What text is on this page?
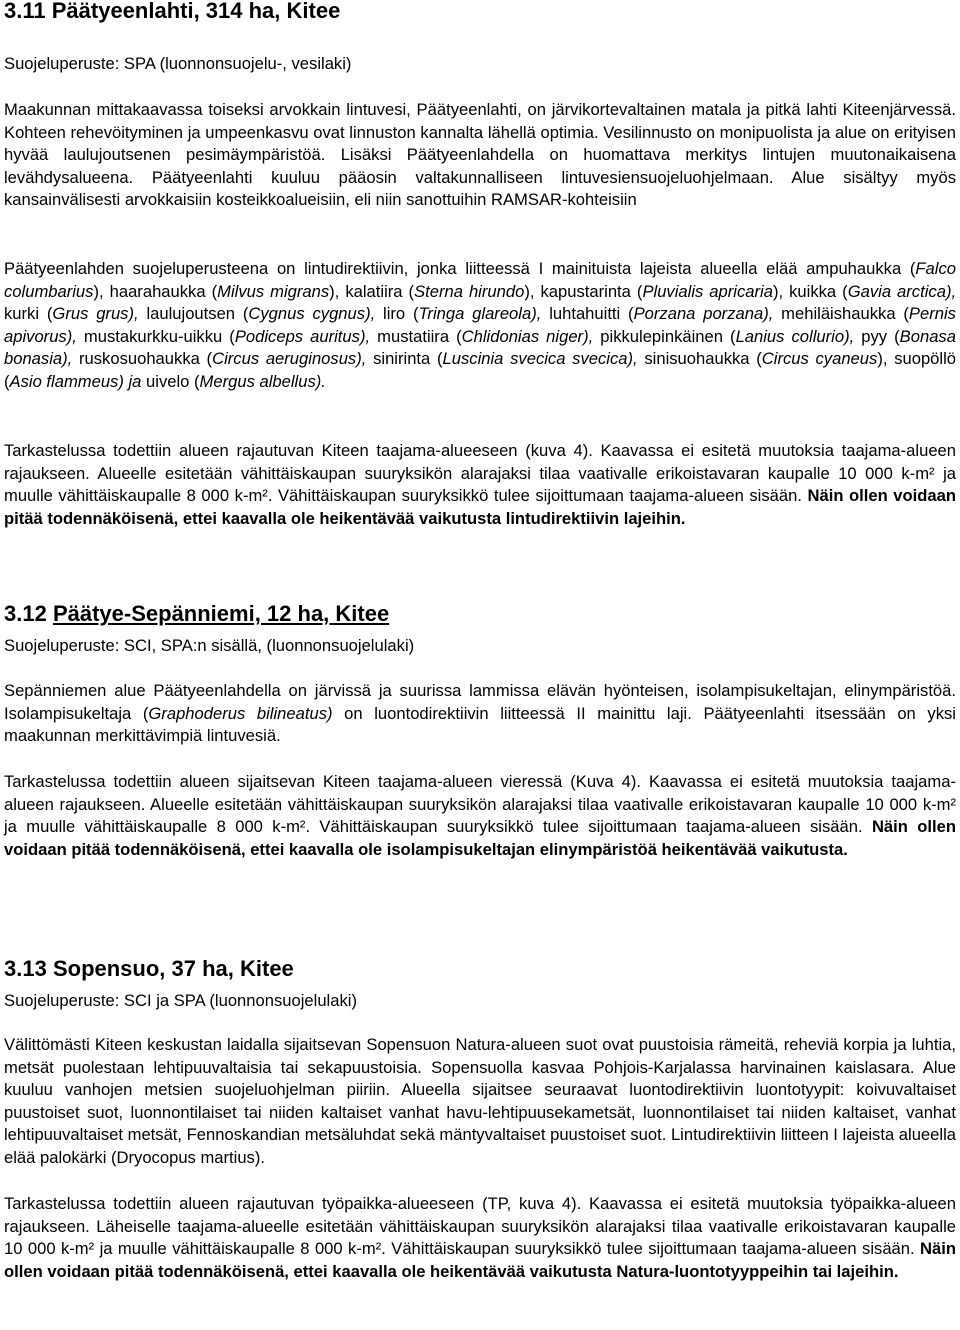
3.11 Päätyeenlahti, 314 ha, Kitee

Suojeluperuste: SPA (luonnonsuojelu-, vesilaki)

Maakunnan mittakaavassa toiseksi arvokkain lintuvesi, Päätyeenlahti, on järvikortevaltainen matala ja pitkä lahti Kiteenjärvessä. Kohteen rehevöityminen ja umpeenkasvu ovat linnuston kannalta lähellä optimia. Vesilinnusto on monipuolista ja alue on erityisen hyvää laulujoutsenen pesimäympäristöä. Lisäksi Päätyeenlahdella on huomattava merkitys lintujen muutonaikaisena levähdysalueena. Päätyeenlahti kuuluu pääosin valtakunnalliseen lintuvesiensuojeluohjelmaan. Alue sisältyy myös kansainvälisesti arvokkaisiin kosteikkoalueisiin, eli niin sanottuihin RAMSAR-kohteisiin

Päätyeenlahden suojeluperusteena on lintudirektiivin, jonka liitteessä I mainituista lajeista alueella elää ampuhaukka (Falco columbarius), haarahaukka (Milvus migrans), kalatiira (Sterna hirundo), kapustarinta (Pluvialis apricaria), kuikka (Gavia arctica), kurki (Grus grus), laulujoutsen (Cygnus cygnus), liro (Tringa glareola), luhtahuitti (Porzana porzana), mehiläishaukka (Pernis apivorus), mustakurkku-uikku (Podiceps auritus), mustatiira (Chlidonias niger), pikkulepinkäinen (Lanius collurio), pyy (Bonasa bonasia), ruskosuohaukka (Circus aeruginosus), sinirinta (Luscinia svecica svecica), sinisuohaukka (Circus cyaneus), suopöllö (Asio flammeus) ja uivelo (Mergus albellus).

Tarkastelussa todettiin alueen rajautuvan Kiteen taajama-alueeseen (kuva 4). Kaavassa ei esitetä muutoksia taajama-alueen rajaukseen. Alueelle esitetään vähittäiskaupan suuryksikön alarajaksi tilaa vaativalle erikoistavaran kaupalle 10 000 k-m² ja muulle vähittäiskaupalle 8 000 k-m². Vähittäiskaupan suuryksikkö tulee sijoittumaan taajama-alueen sisään. Näin ollen voidaan pitää todennäköisenä, ettei kaavalla ole heikentävää vaikutusta lintudirektiivin lajeihin.

3.12 Päätye-Sepänniemi, 12 ha, Kitee

Suojeluperuste: SCI, SPA:n sisällä, (luonnonsuojelulaki)

Sepänniemen alue Päätyeenlahdella on järvissä ja suurissa lammissa elävän hyönteisen, isolampisukeltajan, elinympäristöä. Isolampisukeltaja (Graphoderus bilineatus) on luontodirektiivin liitteessä II mainittu laji. Päätyeenlahti itsessään on yksi maakunnan merkittävimpiä lintuvesiä.

Tarkastelussa todettiin alueen sijaitsevan Kiteen taajama-alueen vieressä (Kuva 4). Kaavassa ei esitetä muutoksia taajama-alueen rajaukseen. Alueelle esitetään vähittäiskaupan suuryksikön alarajaksi tilaa vaativalle erikoistavaran kaupalle 10 000 k-m² ja muulle vähittäiskaupalle 8 000 k-m². Vähittäiskaupan suuryksikkö tulee sijoittumaan taajama-alueen sisään. Näin ollen voidaan pitää todennäköisenä, ettei kaavalla ole isolampisukeltajan elinympäristöä heikentävää vaikutusta.

3.13 Sopensuo, 37 ha, Kitee

Suojeluperuste: SCI ja SPA (luonnonsuojelulaki)

Välittömästi Kiteen keskustan laidalla sijaitsevan Sopensuon Natura-alueen suot ovat puustoisia rämeitä, reheviä korpia ja luhtia, metsät puolestaan lehtipuuvaltaisia tai sekapuustoisia. Sopensuolla kasvaa Pohjois-Karjalassa harvinainen kaislasara. Alue kuuluu vanhojen metsien suojeluohjelman piiriin. Alueella sijaitsee seuraavat luontodirektiivin luontotyypit: koivuvaltaiset puustoiset suot, luonnontilaiset tai niiden kaltaiset vanhat havu-lehtipuusekametsät, luonnontilaiset tai niiden kaltaiset, vanhat lehtipuuvaltaiset metsät, Fennoskandian metsäluhdat sekä mäntyvaltaiset puustoiset suot. Lintudirektiivin liitteen I lajeista alueella elää palokärki (Dryocopus martius).

Tarkastelussa todettiin alueen rajautuvan työpaikka-alueeseen (TP, kuva 4). Kaavassa ei esitetä muutoksia työpaikka-alueen rajaukseen. Läheiselle taajama-alueelle esitetään vähittäiskaupan suuryksikön alarajaksi tilaa vaativalle erikoistavaran kaupalle 10 000 k-m² ja muulle vähittäiskaupalle 8 000 k-m². Vähittäiskaupan suuryksikkö tulee sijoittumaan taajama-alueen sisään. Näin ollen voidaan pitää todennäköisenä, ettei kaavalla ole heikentävää vaikutusta Natura-luontotyyppeihin tai lajeihin.
